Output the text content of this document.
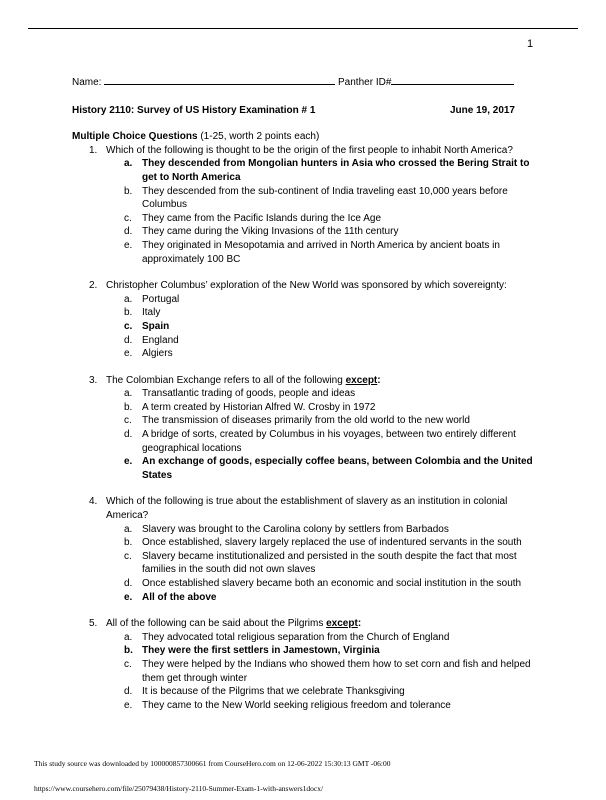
1
Name:	Panther ID#
History 2110: Survey of US History Examination # 1	June 19, 2017
Multiple Choice Questions (1-25, worth 2 points each)
1. Which of the following is thought to be the origin of the first people to inhabit North America?
a. They descended from Mongolian hunters in Asia who crossed the Bering Strait to get to North America
b. They descended from the sub-continent of India traveling east 10,000 years before Columbus
c.	They came from the Pacific Islands during the Ice Age
d. They came during the Viking Invasions of the 11th century
e. They originated in Mesopotamia and arrived in North America by ancient boats in approximately 100 BC
2. Christopher Columbus’ exploration of the New World was sponsored by which sovereignty:
a. Portugal
b. Italy
c. Spain
d. England
e. Algiers
3. The Colombian Exchange refers to all of the following except:
a. Transatlantic trading of goods, people and ideas
b. A term created by Historian Alfred W. Crosby in 1972
c.	The transmission of diseases primarily from the old world to the new world
d. A bridge of sorts, created by Columbus in his voyages, between two entirely different geographical locations
e. An exchange of goods, especially coffee beans, between Colombia and the United States
4. Which of the following is true about the establishment of slavery as an institution in colonial America?
a. Slavery was brought to the Carolina colony by settlers from Barbados
b. Once established, slavery largely replaced the use of indentured servants in the south
c.	Slavery became institutionalized and persisted in the south despite the fact that most families in the south did not own slaves
d. Once established slavery became both an economic and social institution in the south
e. All of the above
5. All of the following can be said about the Pilgrims except:
a. They advocated total religious separation from the Church of England
b. They were the first settlers in Jamestown, Virginia
c.	They were helped by the Indians who showed them how to set corn and fish and helped them get through winter
d. It is because of the Pilgrims that we celebrate Thanksgiving
e. They came to the New World seeking religious freedom and tolerance
This study source was downloaded by 100000857300661 from CourseHero.com on 12-06-2022 15:30:13 GMT -06:00
https://www.coursehero.com/file/25079438/History-2110-Summer-Exam-1-with-answers1docx/
